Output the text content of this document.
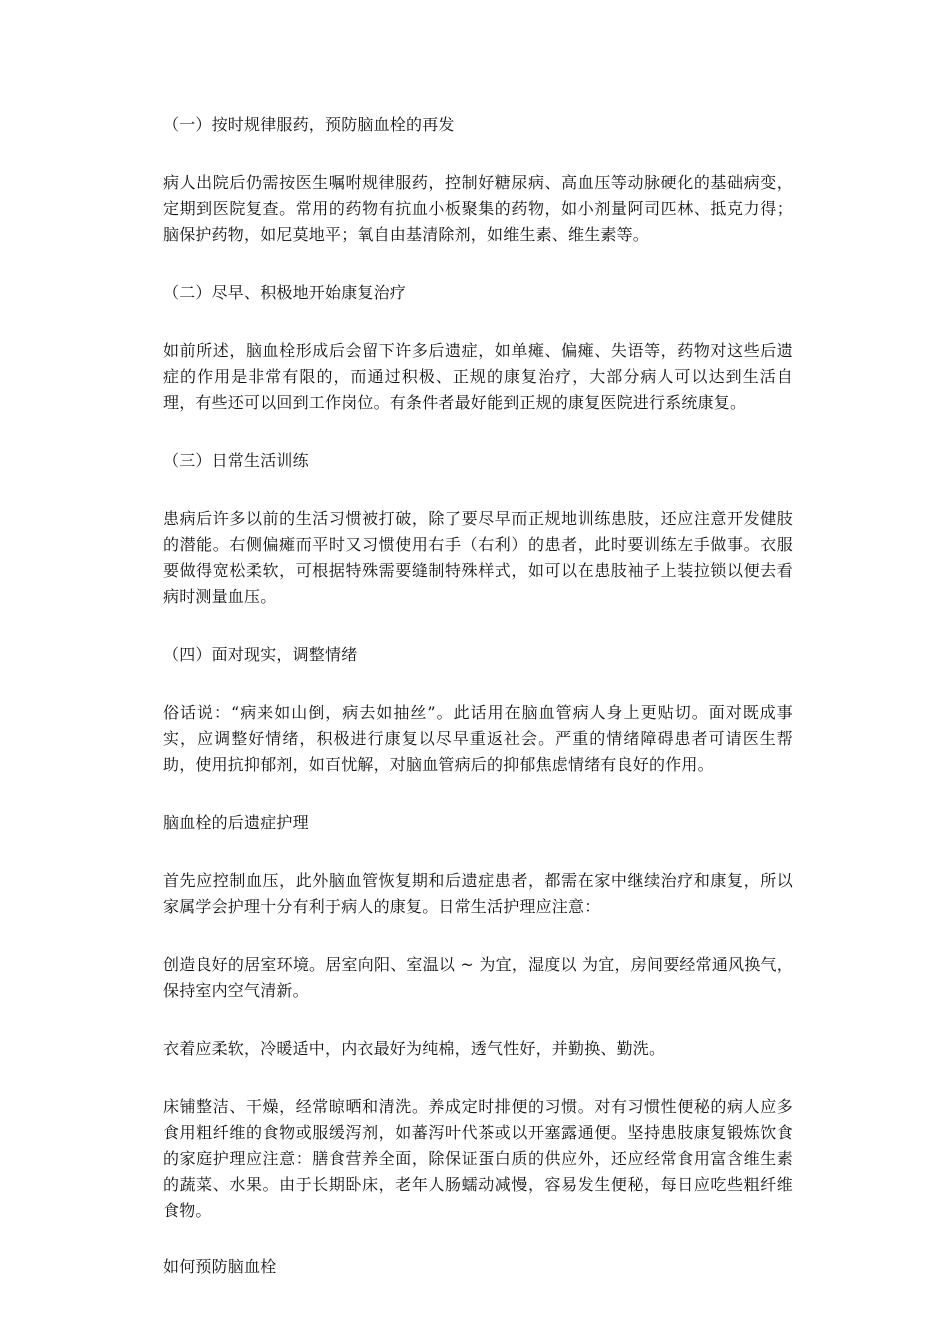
（一）按时规律服药，预防脑血栓的再发

病人出院后仍需按医生嘱咐规律服药，控制好糖尿病、高血压等动脉硬化的基础病变，定期到医院复查。常用的药物有抗血小板聚集的药物，如小剂量阿司匹林、抵克力得；脑保护药物，如尼莫地平；氧自由基清除剂，如维生素、维生素等。

（二）尽早、积极地开始康复治疗

如前所述，脑血栓形成后会留下许多后遗症，如单瘫、偏瘫、失语等，药物对这些后遗症的作用是非常有限的，而通过积极、正规的康复治疗，大部分病人可以达到生活自理，有些还可以回到工作岗位。有条件者最好能到正规的康复医院进行系统康复。

（三）日常生活训练

患病后许多以前的生活习惯被打破，除了要尽早而正规地训练患肢，还应注意开发健肢的潜能。右侧偏瘫而平时又习惯使用右手（右利）的患者，此时要训练左手做事。衣服要做得宽松柔软，可根据特殊需要缝制特殊样式，如可以在患肢袖子上装拉锁以便去看病时测量血压。

（四）面对现实，调整情绪

俗话说：“病来如山倒，病去如抽丝”。此话用在脑血管病人身上更贴切。面对既成事实，应调整好情绪，积极进行康复以尽早重返社会。严重的情绪障碍患者可请医生帮助，使用抗抑郁剂，如百忧解，对脑血管病后的抑郁焦虑情绪有良好的作用。

脑血栓的后遗症护理

首先应控制血压，此外脑血管恢复期和后遗症患者，都需在家中继续治疗和康复，所以家属学会护理十分有利于病人的康复。日常生活护理应注意：

创造良好的居室环境。居室向阳、室温以 ~ 为宜，湿度以 为宜，房间要经常通风换气，保持室内空气清新。

衣着应柔软，冷暖适中，内衣最好为纯棉，透气性好，并勤换、勤洗。

床铺整洁、干燥，经常晾晒和清洗。养成定时排便的习惯。对有习惯性便秘的病人应多食用粗纤维的食物或服缓泻剂，如蕃泻叶代茶或以开塞露通便。坚持患肢康复锻炼饮食的家庭护理应注意：膳食营养全面，除保证蛋白质的供应外，还应经常食用富含维生素的蔬菜、水果。由于长期卧床，老年人肠蠕动减慢，容易发生便秘，每日应吃些粗纤维食物。

如何预防脑血栓
